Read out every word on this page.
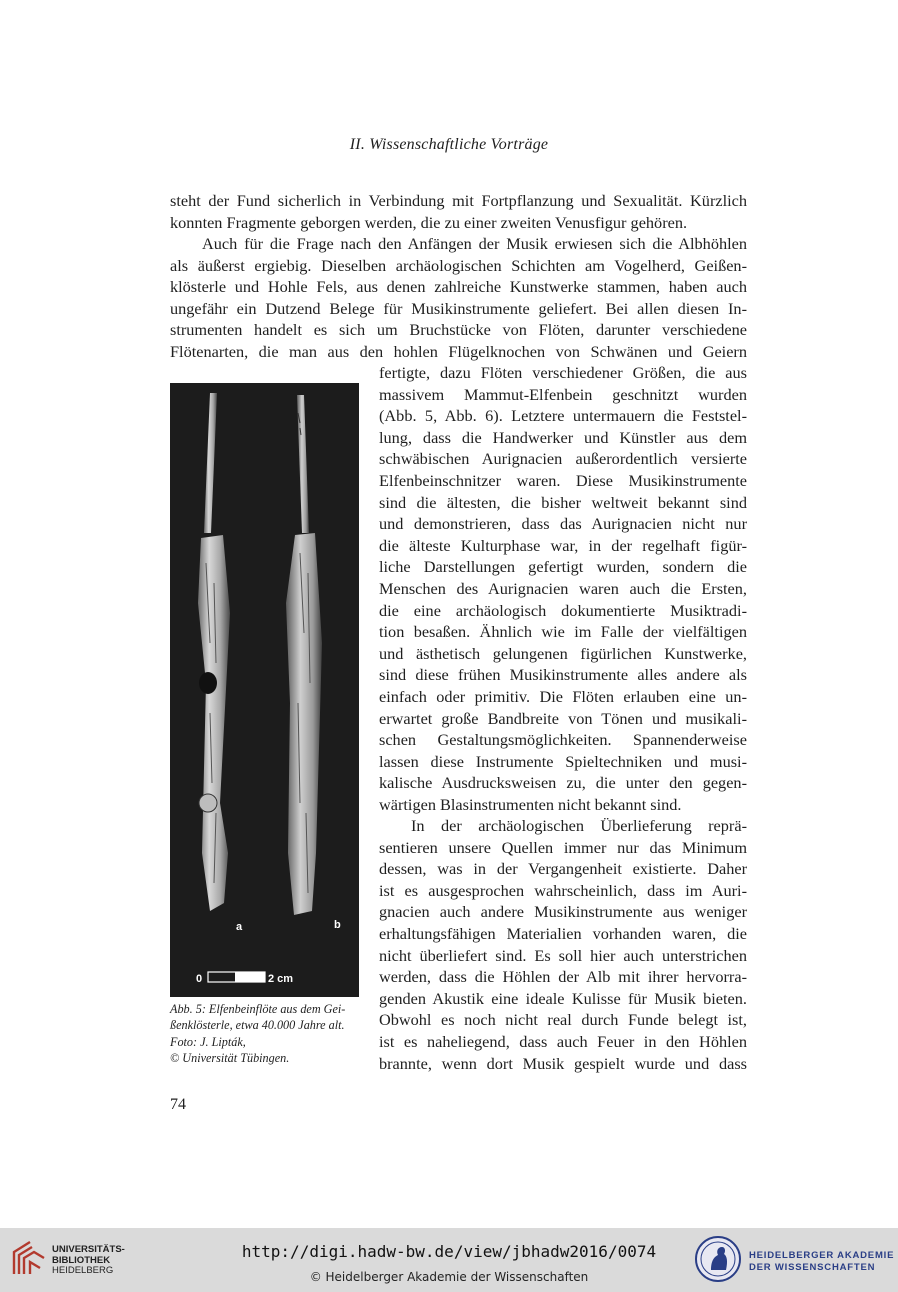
II. Wissenschaftliche Vorträge

steht der Fund sicherlich in Verbindung mit Fortpflanzung und Sexualität. Kürzlich
konnten Fragmente geborgen werden, die zu einer zweiten Venusfigur gehören.

Auch für die Frage nach den Anfängen der Musik erwiesen sich die Albhöhlen
als äußerst ergiebig. Dieselben archäologischen Schichten am Vogelherd, Geißen-
klösterle und Hohle Fels, aus denen zahlreiche Kunstwerke stammen, haben auch
ungefähr ein Dutzend Belege für Musikinstrumente geliefert. Bei allen diesen In-
strumenten handelt es sich um Bruchstücke von Flöten, darunter verschiedene
Flötenarten, die man aus den hohlen Flügelknochen von Schwänen und Geiern

fertigte, dazu Flöten verschiedener Größen, die aus
massivem Mammut-Elfenbein geschnitzt wurden
(Abb. 5, Abb. 6). Letztere untermauern die Feststel-
lung, dass die Handwerker und Künstler aus dem
schwäbischen Aurignacien außerordentlich versierte
Elfenbeinschnitzer waren. Diese Musikinstrumente
sind die ältesten, die bisher weltweit bekannt sind
und demonstrieren, dass das Aurignacien nicht nur
die älteste Kulturphase war, in der regelhaft figür-
liche Darstellungen gefertigt wurden, sondern die
Menschen des Aurignacien waren auch die Ersten,
die eine archäologisch dokumentierte Musiktradi-
tion besaßen. Ähnlich wie im Falle der vielfältigen
und ästhetisch gelungenen figürlichen Kunstwerke,
sind diese frühen Musikinstrumente alles andere als
einfach oder primitiv. Die Flöten erlauben eine un-
erwartet große Bandbreite von Tönen und musikali-
schen Gestaltungsmöglichkeiten. Spannenderweise
lassen diese Instrumente Spieltechniken und musi-
kalische Ausdrucksweisen zu, die unter den gegen-
wärtigen Blasinstrumenten nicht bekannt sind.

In der archäologischen Überlieferung reprä-
sentieren unsere Quellen immer nur das Minimum
dessen, was in der Vergangenheit existierte. Daher
ist es ausgesprochen wahrscheinlich, dass im Auri-
gnacien auch andere Musikinstrumente aus weniger
erhaltungsfähigen Materialien vorhanden waren, die
nicht überliefert sind. Es soll hier auch unterstrichen
werden, dass die Höhlen der Alb mit ihrer hervorra-
genden Akustik eine ideale Kulisse für Musik bieten.
Obwohl es noch nicht real durch Funde belegt ist,
ist es naheliegend, dass auch Feuer in den Höhlen
brannte, wenn dort Musik gespielt wurde und dass

0	2 cm
a	b
Abb. 5: Elfenbeinflöte aus dem Gei-
ßenklösterle, etwa 40.000 Jahre alt.
Foto: J. Lipták,
© Universität Tübingen.
74
UNIVERSITÄTS-
BIBLIOTHEK
HEIDELBERG
http://digi.hadw-bw.de/view/jbhadw2016/0074
© Heidelberger Akademie der Wissenschaften
HEIDELBERGER AKADEMIE
DER WISSENSCHAFTEN
